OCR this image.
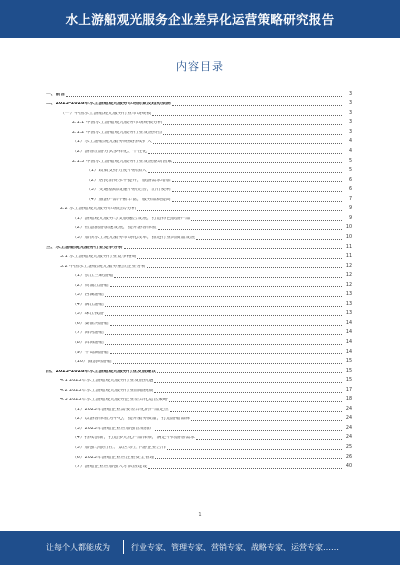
水上游船观光服务企业差异化运营策略研究报告
内容目录
一、前言	3
二、2023-2028年水上游船观光服务市场前景及趋势预测	3
（一）中国水上游船观光服务行业市场规模	3
2.1.1 中国水上游船观光服务市场规模分析	3
2.1.2 中国水上游船观光服务行业发展特点	3
（1）水上游船观光服务规模持续扩大	4
（2）游客出游方式多样化、个性化	4
2.1.3 中国水上游船观光服务行业发展驱动因素	5
（1）政策支持力度不断加大	5
（2）居民消费水平提升，旅游需求增加	6
（3）交通基础设施不断完善，出行便利	6
（4）旅游产品不断丰富，服务品质提高	7
2.2 水上游船观光服务市场趋势分析	9
（1）游船观光服务与文旅融合发展，打造特色旅游产品	9
（2）智慧旅游加速发展，提升游客体验	10
（3）加快水上观光服务市场化改革，推进行业高质量发展	10
三、水上游船观光服务行业竞争分析	11
3.1 水上游船观光服务行业竞争格局	11
3.2 中国水上游船观光服务重点企业分析	12
（1）长江三峡游船	12
（2）黄浦江游船	12
（3）西湖游船	13
（4）漓江游船	13
（5）珠江夜游	13
（6）秦淮河游船	14
（7）海河游船	14
（8）洱海游船	14
（9）千岛湖游船	14
（10）鼓浪屿游船	15
四、2023-2028年水上游船观光服务行业发展建议	15
4.1 2023年水上游船观光服务行业发展机遇	15
4.2 2023年水上游船观光服务行业面临挑战	17
4.3 2023年水上游船观光服务企业差异化运营策略	18
（1）2023年游船企业需要差异化的产品定位	24
（2）以游客体验为中心，提升服务质量，打造游船品牌	24
（3）2023年游船企业应加强营销推广	24
（4）持续创新，打造多元化产品体系，满足不同游客需求	24
（5）加强与旅行社、景区等上下游企业合作	25
（6）2023年游船企业应注重安全管理	26
（7）游船企业应加强人才队伍建设	40
1
让每个人都能成为	行业专家、管理专家、营销专家、战略专家、运营专家……
